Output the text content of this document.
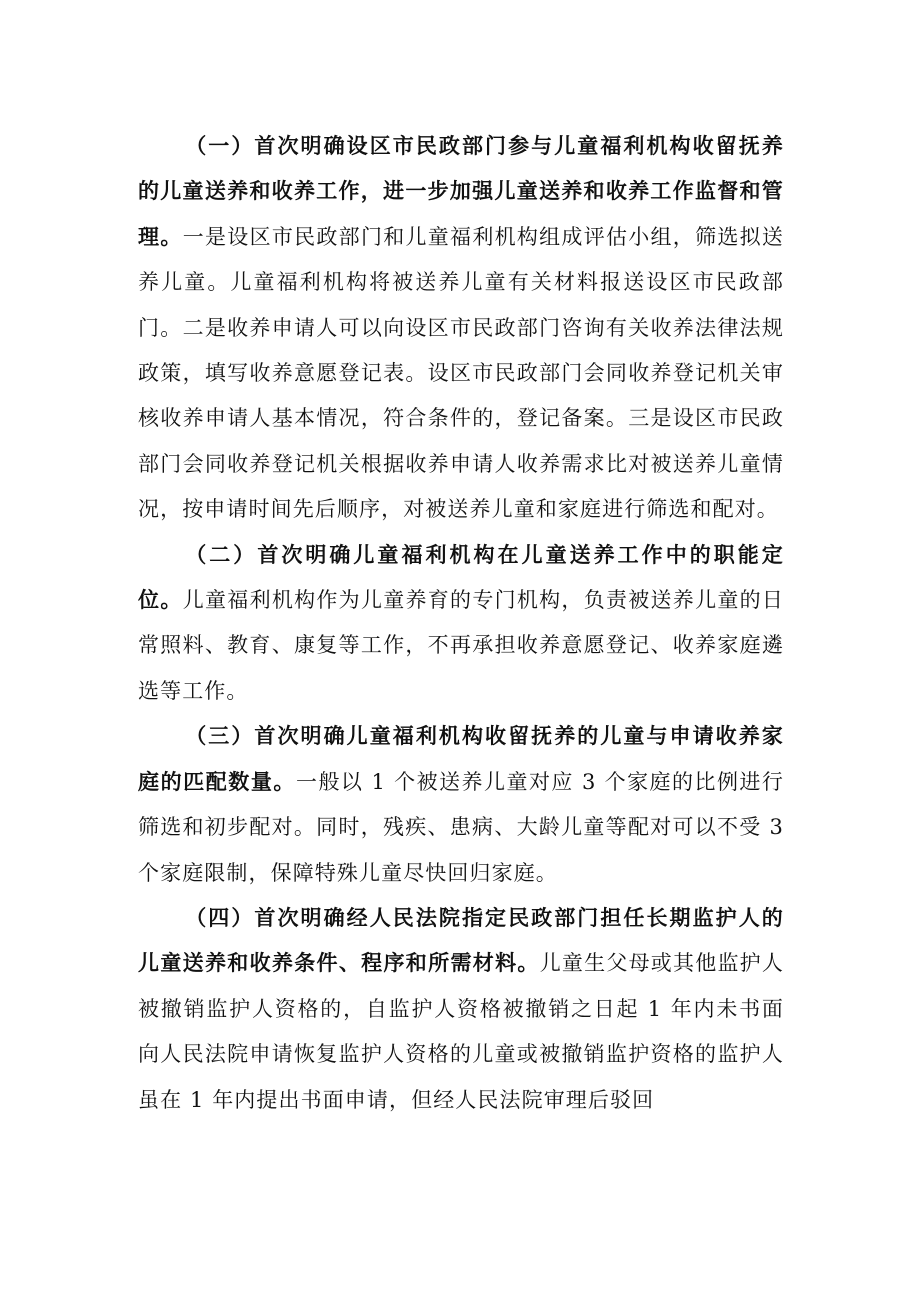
（一）首次明确设区市民政部门参与儿童福利机构收留抚养的儿童送养和收养工作，进一步加强儿童送养和收养工作监督和管理。一是设区市民政部门和儿童福利机构组成评估小组，筛选拟送养儿童。儿童福利机构将被送养儿童有关材料报送设区市民政部门。二是收养申请人可以向设区市民政部门咨询有关收养法律法规政策，填写收养意愿登记表。设区市民政部门会同收养登记机关审核收养申请人基本情况，符合条件的，登记备案。三是设区市民政部门会同收养登记机关根据收养申请人收养需求比对被送养儿童情况，按申请时间先后顺序，对被送养儿童和家庭进行筛选和配对。

（二）首次明确儿童福利机构在儿童送养工作中的职能定位。儿童福利机构作为儿童养育的专门机构，负责被送养儿童的日常照料、教育、康复等工作，不再承担收养意愿登记、收养家庭遴选等工作。

（三）首次明确儿童福利机构收留抚养的儿童与申请收养家庭的匹配数量。一般以 1 个被送养儿童对应 3 个家庭的比例进行筛选和初步配对。同时，残疾、患病、大龄儿童等配对可以不受 3 个家庭限制，保障特殊儿童尽快回归家庭。

（四）首次明确经人民法院指定民政部门担任长期监护人的儿童送养和收养条件、程序和所需材料。儿童生父母或其他监护人被撤销监护人资格的，自监护人资格被撤销之日起 1 年内未书面向人民法院申请恢复监护人资格的儿童或被撤销监护资格的监护人虽在 1 年内提出书面申请，但经人民法院审理后驳回
